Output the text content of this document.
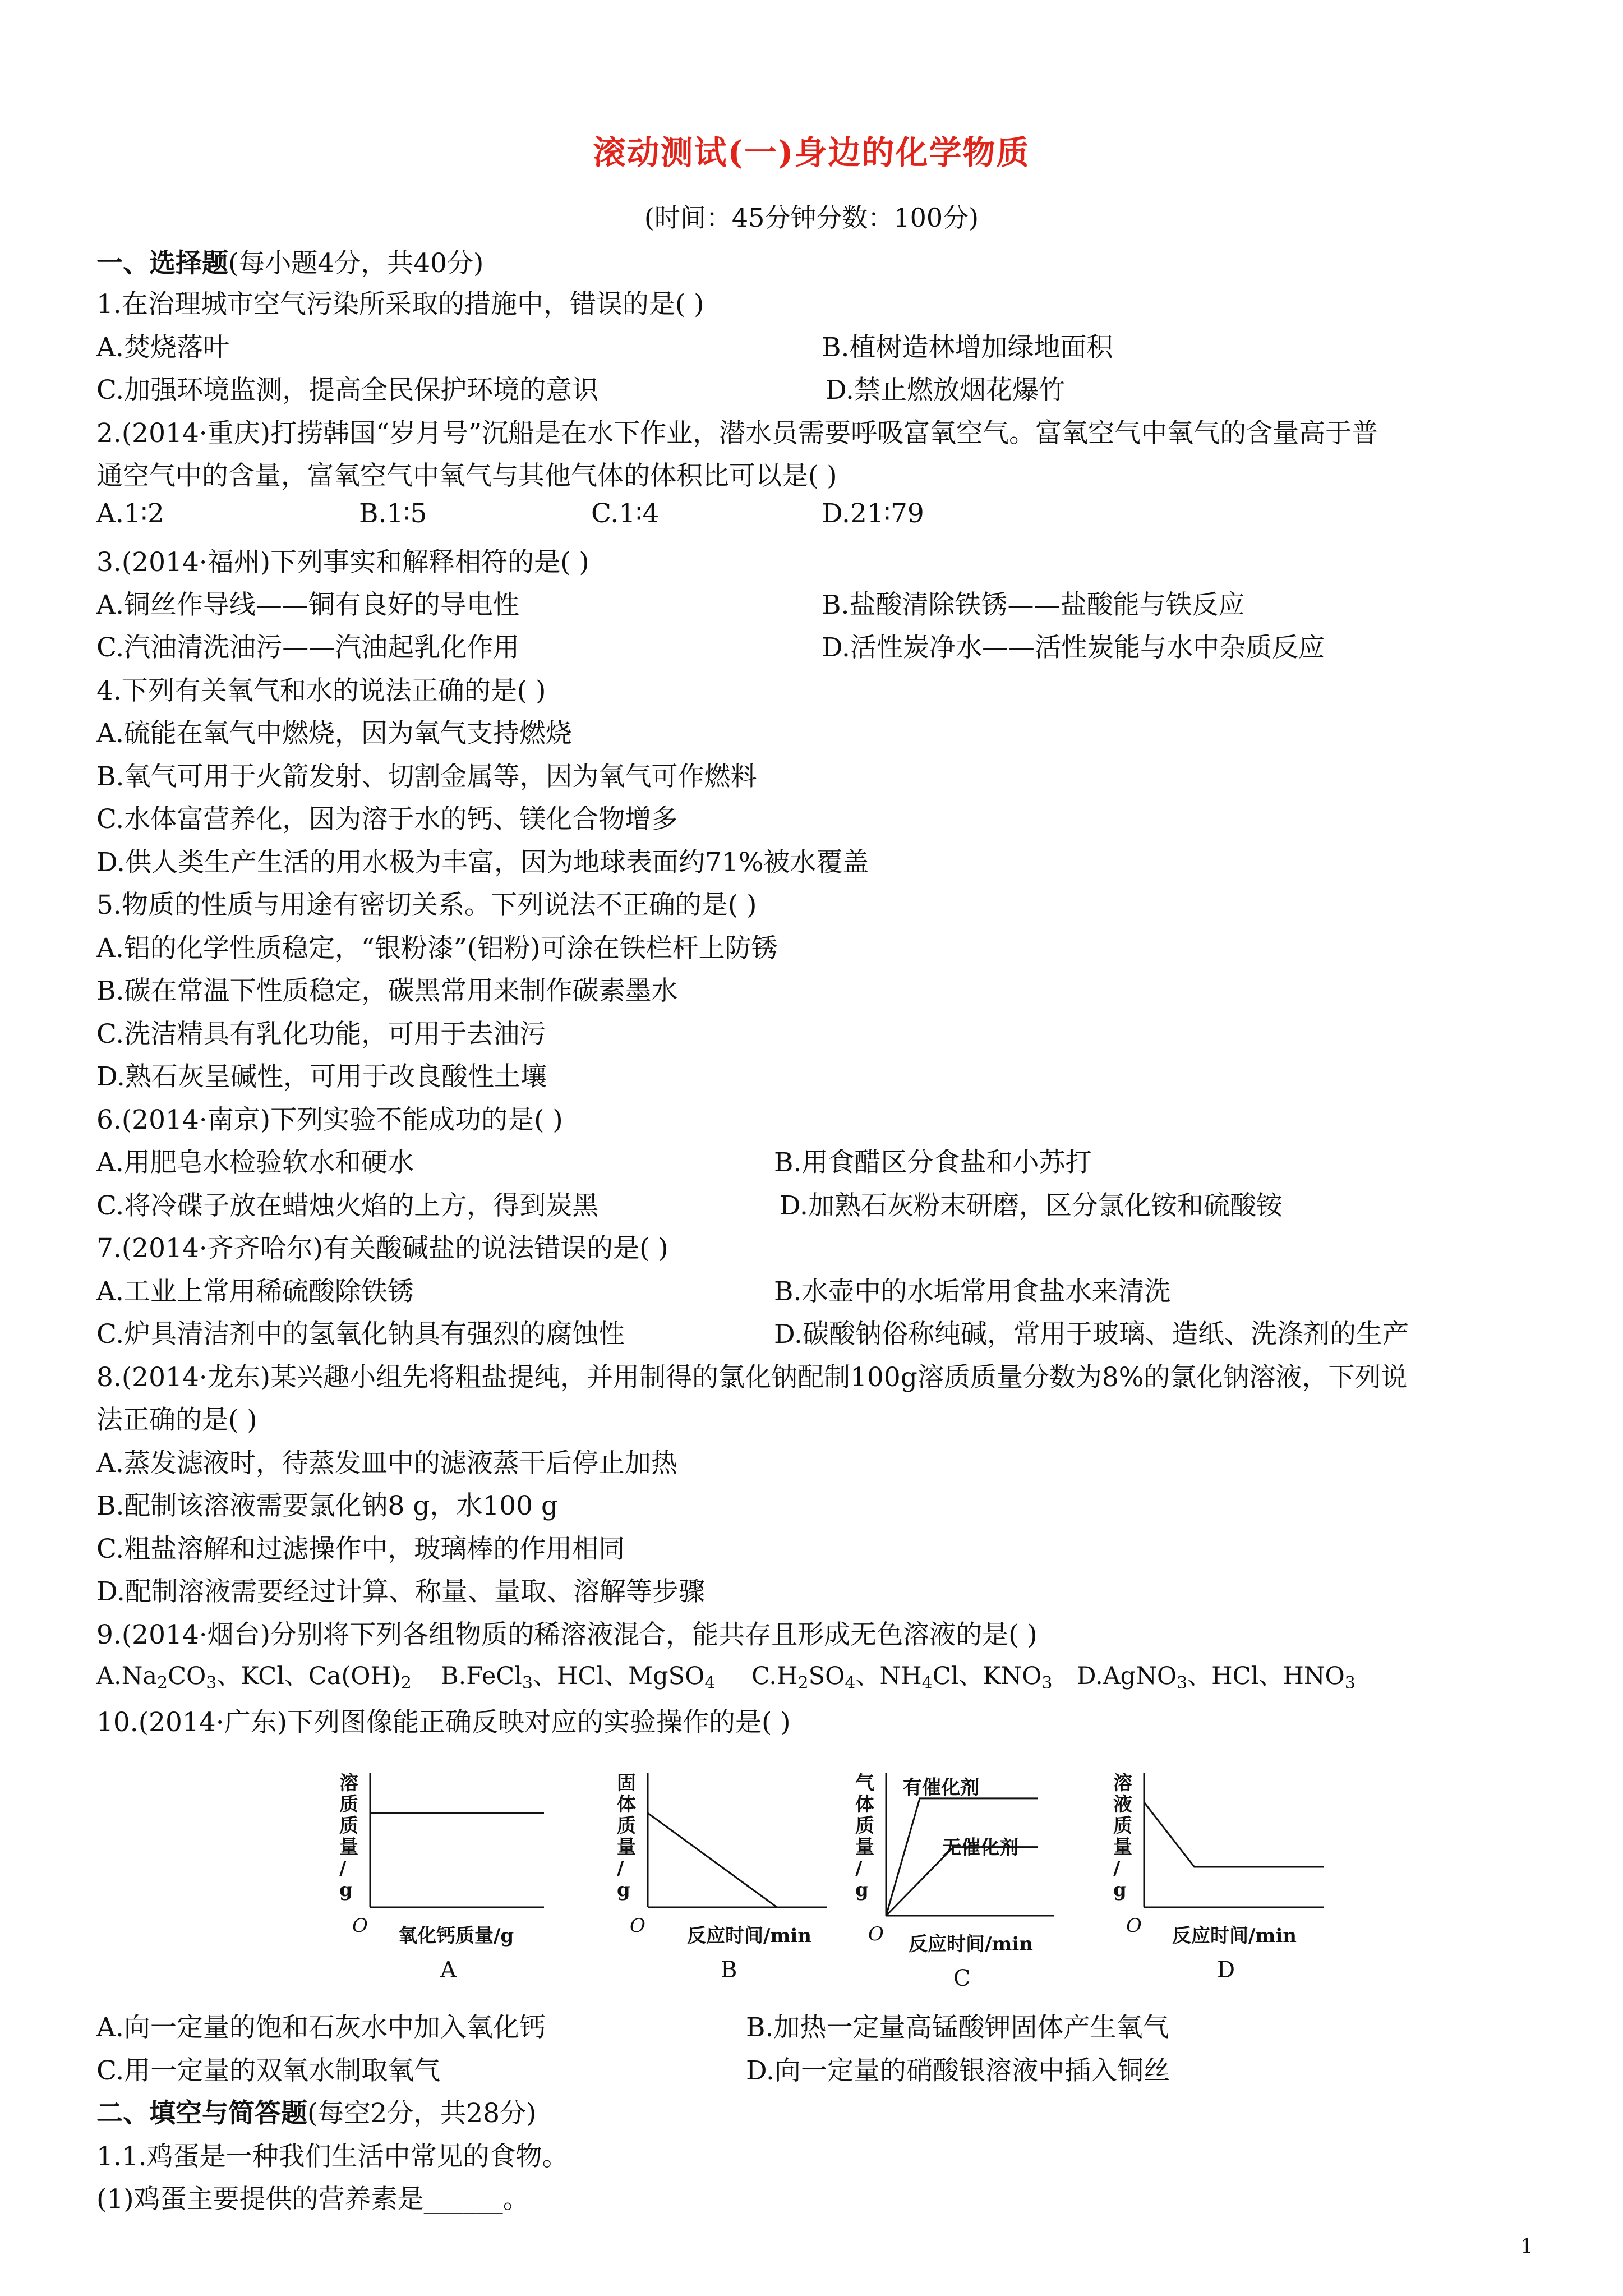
滚动测试(一)身边的化学物质
(时间：45分钟分数：100分)
一、选择题(每小题4分，共40分)
1.在治理城市空气污染所采取的措施中，错误的是( )
A.焚烧落叶	B.植树造林增加绿地面积
C.加强环境监测，提高全民保护环境的意识	D.禁止燃放烟花爆竹
2.(2014·重庆)打捞韩国“岁月号”沉船是在水下作业，潜水员需要呼吸富氧空气。富氧空气中氧气的含量高于普
通空气中的含量，富氧空气中氧气与其他气体的体积比可以是( )
A.1∶2	B.1∶5	C.1∶4	D.21∶79
3.(2014·福州)下列事实和解释相符的是( )
A.铜丝作导线——铜有良好的导电性	B.盐酸清除铁锈——盐酸能与铁反应
C.汽油清洗油污——汽油起乳化作用	D.活性炭净水——活性炭能与水中杂质反应
4.下列有关氧气和水的说法正确的是( )
A.硫能在氧气中燃烧，因为氧气支持燃烧
B.氧气可用于火箭发射、切割金属等，因为氧气可作燃料
C.水体富营养化，因为溶于水的钙、镁化合物增多
D.供人类生产生活的用水极为丰富，因为地球表面约71%被水覆盖
5.物质的性质与用途有密切关系。下列说法不正确的是( )
A.铝的化学性质稳定，“银粉漆”(铝粉)可涂在铁栏杆上防锈
B.碳在常温下性质稳定，碳黑常用来制作碳素墨水
C.洗洁精具有乳化功能，可用于去油污
D.熟石灰呈碱性，可用于改良酸性土壤
6.(2014·南京)下列实验不能成功的是( )
A.用肥皂水检验软水和硬水	B.用食醋区分食盐和小苏打
C.将冷碟子放在蜡烛火焰的上方，得到炭黑	D.加熟石灰粉末研磨，区分氯化铵和硫酸铵
7.(2014·齐齐哈尔)有关酸碱盐的说法错误的是( )
A.工业上常用稀硫酸除铁锈	B.水壶中的水垢常用食盐水来清洗
C.炉具清洁剂中的氢氧化钠具有强烈的腐蚀性	D.碳酸钠俗称纯碱，常用于玻璃、造纸、洗涤剂的生产
8.(2014·龙东)某兴趣小组先将粗盐提纯，并用制得的氯化钠配制100g溶质质量分数为8%的氯化钠溶液，下列说
法正确的是( )
A.蒸发滤液时，待蒸发皿中的滤液蒸干后停止加热
B.配制该溶液需要氯化钠8 g，水100 g
C.粗盐溶解和过滤操作中，玻璃棒的作用相同
D.配制溶液需要经过计算、称量、量取、溶解等步骤
9.(2014·烟台)分别将下列各组物质的稀溶液混合，能共存且形成无色溶液的是( )
$A.Na_2CO_3$、KCl、$Ca(OH)_2$ B.FeCl$_3$、HCl、MgSO$_4$ $C.H_2SO_4$、$NH_4Cl$、$KNO_3$ D.AgNO$_3$、HCl、$HNO_3$
10.(2014·广东)下列图像能正确反映对应的实验操作的是( )
溶
质
质
量
/
g
O 氧化钙质量/g
A
固
体
质
量
/
g
O 反应时间/min
B
气
体
质
量
/
g
O 反应时间/min
C
有催化剂
无催化剂
溶
液
质
量
/
g
O 反应时间/min
D
A.向一定量的饱和石灰水中加入氧化钙	B.加热一定量高锰酸钾固体产生氧气
C.用一定量的双氧水制取氧气	D.向一定量的硝酸银溶液中插入铜丝
二、填空与简答题(每空2分，共28分)
1.1.鸡蛋是一种我们生活中常见的食物。
(1)鸡蛋主要提供的营养素是______。
1
